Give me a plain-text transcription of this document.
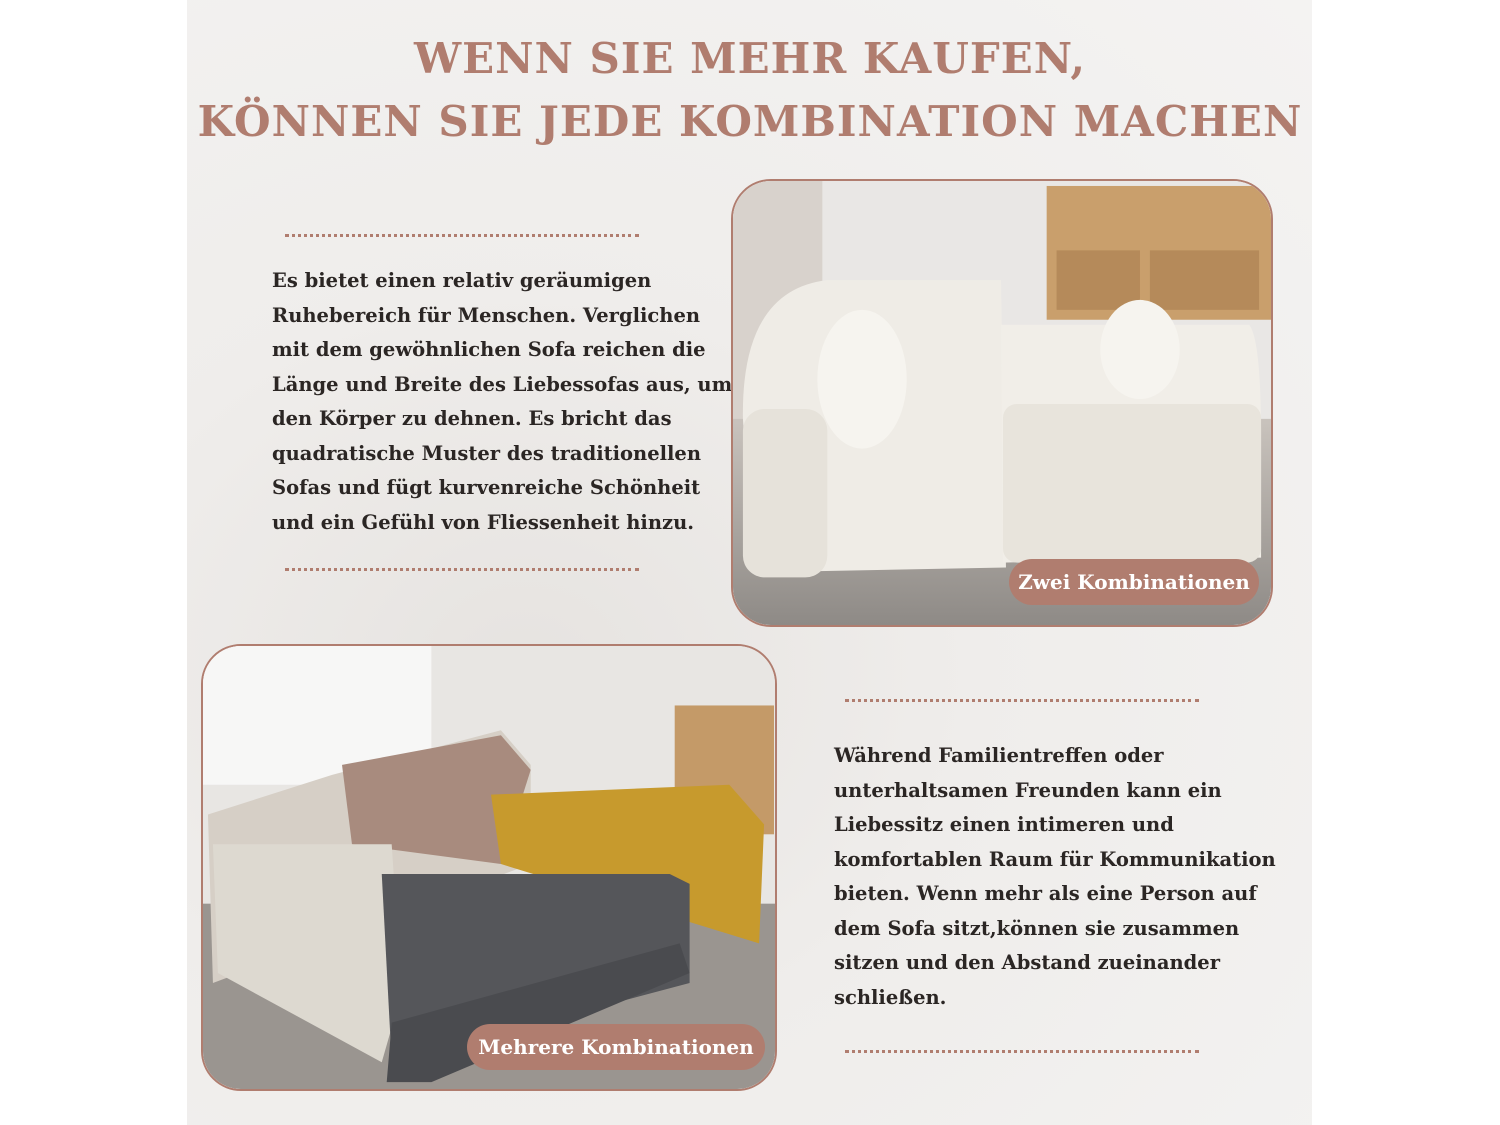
WENN SIE MEHR KAUFEN,
KÖNNEN SIE JEDE KOMBINATION MACHEN
Es bietet einen relativ geräumigen
Ruhebereich für Menschen. Verglichen
mit dem gewöhnlichen Sofa reichen die
Länge und Breite des Liebessofas aus, um
den Körper zu dehnen. Es bricht das
quadratische Muster des traditionellen
Sofas und fügt kurvenreiche Schönheit
und ein Gefühl von Fliessenheit hinzu.
Zwei Kombinationen
Mehrere Kombinationen
Während Familientreffen oder
unterhaltsamen Freunden kann ein
Liebessitz einen intimeren und
komfortablen Raum für Kommunikation
bieten. Wenn mehr als eine Person auf
dem Sofa sitzt,können sie zusammen
sitzen und den Abstand zueinander
schließen.
